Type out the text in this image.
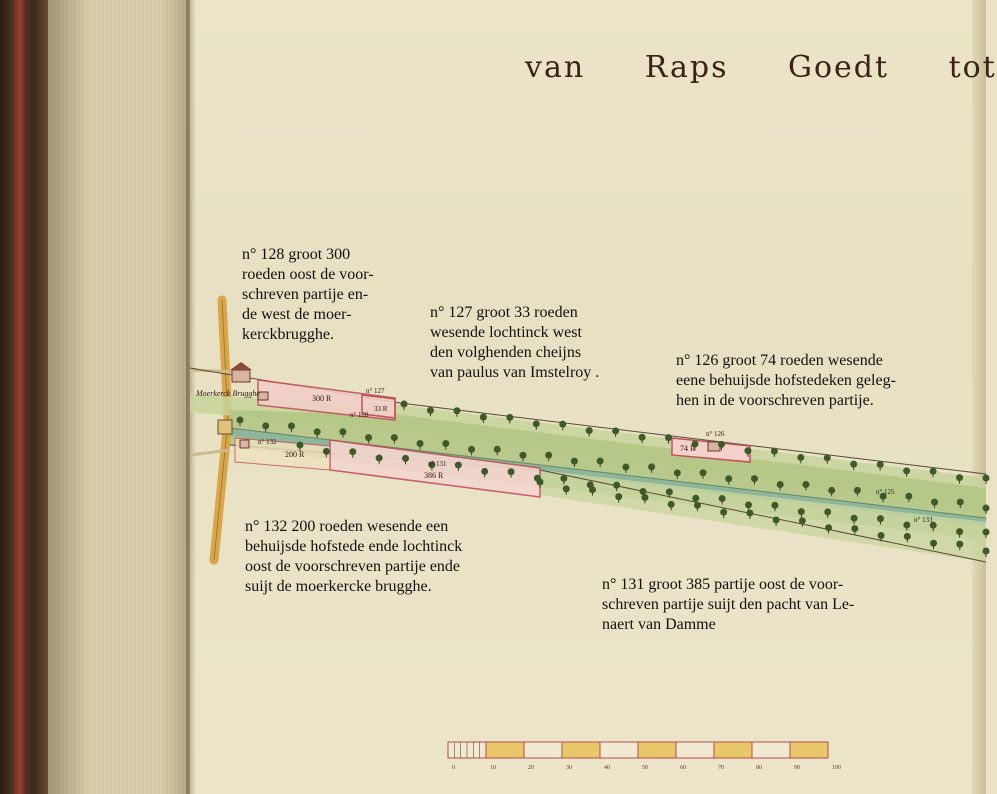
van Raps Goedt tot
Moerkerck Brugghe	n° 127
300 R
33 R
n° 128
n° 132
200 R
n° 131
386 R
74 R
n° 126
n° 125
n° 133
n° 128 groot 300
roeden oost de voor-
schreven partije en-
de west de moer-
kerckbrugghe.
n° 127 groot 33 roeden
wesende lochtinck west
den volghenden cheijns
van paulus van Imstelroy .
n° 126 groot 74 roeden wesende
eene behuijsde hofstedeken geleg-
hen in de voorschreven partije.
n° 132 200 roeden wesende een
behuijsde hofstede ende lochtinck
oost de voorschreven partije ende
suijt de moerkercke brugghe.	n° 131 groot 385 partije oost de voor-
schreven partije suijt den pacht van Le-
naert van Damme
0	10	20	30	40	50	60	70	80	90	100
